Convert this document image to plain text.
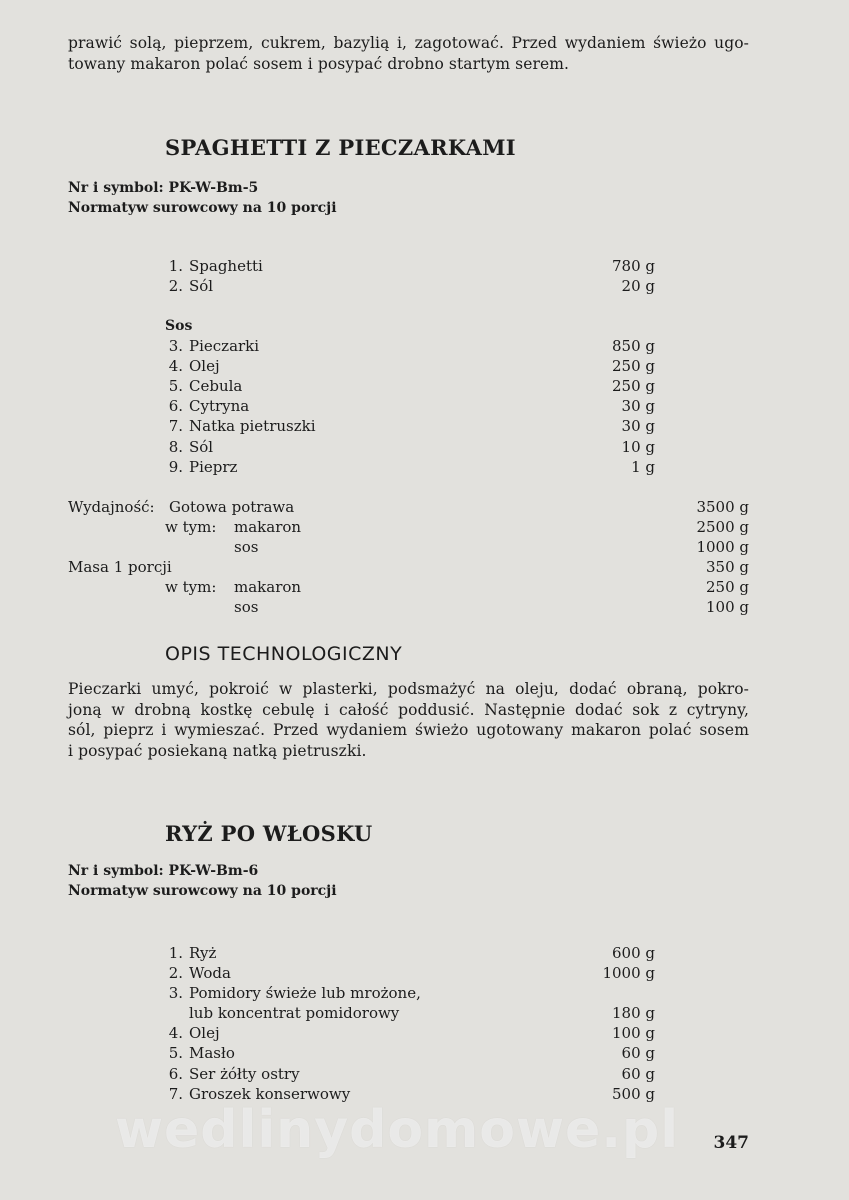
prawić solą, pieprzem, cukrem, bazylią i, zagotować. Przed wydaniem świeżo ugo-
towany makaron polać sosem i posypać drobno startym serem.
SPAGHETTI Z PIECZARKAMI
Nr i symbol: PK-W-Bm-5
Normatyw surowcowy na 10 porcji
1. Spaghetti	780 g
2. Sól	20 g
Sos
3. Pieczarki	850 g
4. Olej	250 g
5. Cebula	250 g
6. Cytryna	30 g
7. Natka pietruszki	30 g
8. Sól	10 g
9. Pieprz	1 g
Wydajność: Gotowa potrawa	3500 g
w tym: makaron	2500 g
sos	1000 g
Masa 1 porcji	350 g
w tym: makaron	250 g
sos	100 g
OPIS TECHNOLOGICZNY
Pieczarki umyć, pokroić w plasterki, podsmażyć na oleju, dodać obraną, pokro-
joną w drobną kostkę cebulę i całość poddusić. Następnie dodać sok z cytryny,
sól, pieprz i wymieszać. Przed wydaniem świeżo ugotowany makaron polać sosem
i posypać posiekaną natką pietruszki.
RYŻ PO WŁOSKU
Nr i symbol: PK-W-Bm-6
Normatyw surowcowy na 10 porcji
1. Ryż	600 g
2. Woda	1000 g
3. Pomidory świeże lub mrożone,
lub koncentrat pomidorowy	180 g
4. Olej	100 g
5. Masło	60 g
6. Ser żółty ostry	60 g
7. Groszek konserwowy	500 g
wedlinydomowe.pl 347
